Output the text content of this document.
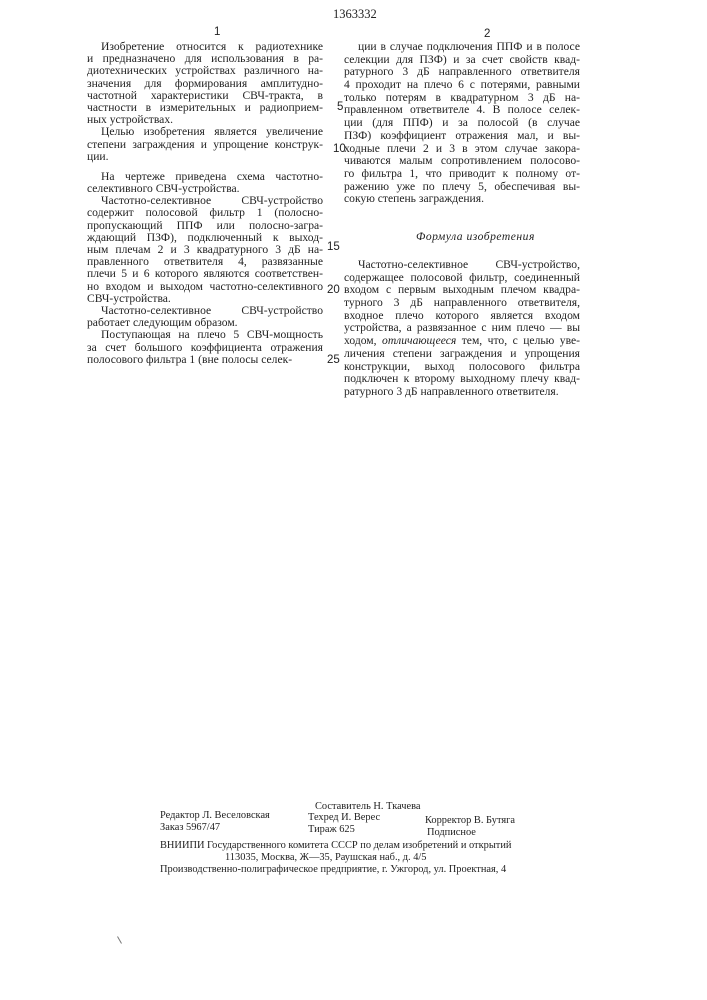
1363332
1	2
5
10
15
20
25
Изобретение относится к радиотехнике
и предназначено для использования в ра-
диотехнических устройствах различного на-
значения для формирования амплитудно-
частотной характеристики СВЧ-тракта, в
частности в измерительных и радиоприем-
ных устройствах.
Целью изобретения является увеличение
степени заграждения и упрощение конструк-
ции.
На чертеже приведена схема частотно-
селективного СВЧ-устройства.
Частотно-селективное СВЧ-устройство
содержит полосовой фильтр 1 (полосно-
пропускающий ППФ или полосно-загра-
ждающий ПЗФ), подключенный к выход-
ным плечам 2 и 3 квадратурного 3 дБ на-
правленного ответвителя 4, развязанные
плечи 5 и 6 которого являются соответствен-
но входом и выходом частотно-селективного
СВЧ-устройства.
Частотно-селективное СВЧ-устройство
работает следующим образом.
Поступающая на плечо 5 СВЧ-мощность
за счет большого коэффициента отражения
полосового фильтра 1 (вне полосы селек-
ции в случае подключения ППФ и в полосе
селекции для ПЗФ) и за счет свойств квад-
ратурного 3 дБ направленного ответвителя
4 проходит на плечо 6 с потерями, равными
только потерям в квадратурном 3 дБ на-
правленном ответвителе 4. В полосе селек-
ции (для ППФ) и за полосой (в случае
ПЗФ) коэффициент отражения мал, и вы-
ходные плечи 2 и 3 в этом случае закора-
чиваются малым сопротивлением полосово-
го фильтра 1, что приводит к полному от-
ражению уже по плечу 5, обеспечивая вы-
сокую степень заграждения.
Формула изобретения
Частотно-селективное СВЧ-устройство,
содержащее полосовой фильтр, соединенный
входом с первым выходным плечом квадра-
турного 3 дБ направленного ответвителя,
входное плечо которого является входом
устройства, а развязанное с ним плечо — вы
ходом, отличающееся тем, что, с целью уве-
личения степени заграждения и упрощения
конструкции, выход полосового фильтра
подключен к второму выходному плечу квад-
ратурного 3 дБ направленного ответвителя.
Составитель Н. Ткачева
Редактор Л. Веселовская	Техред И. Верес	Корректор В. Бутяга
Заказ 5967/47	Тираж 625	Подписное
ВНИИПИ Государственного комитета СССР по делам изобретений и открытий
113035, Москва, Ж—35, Раушская наб., д. 4/5
Производственно-полиграфическое предприятие, г. Ужгород, ул. Проектная, 4
